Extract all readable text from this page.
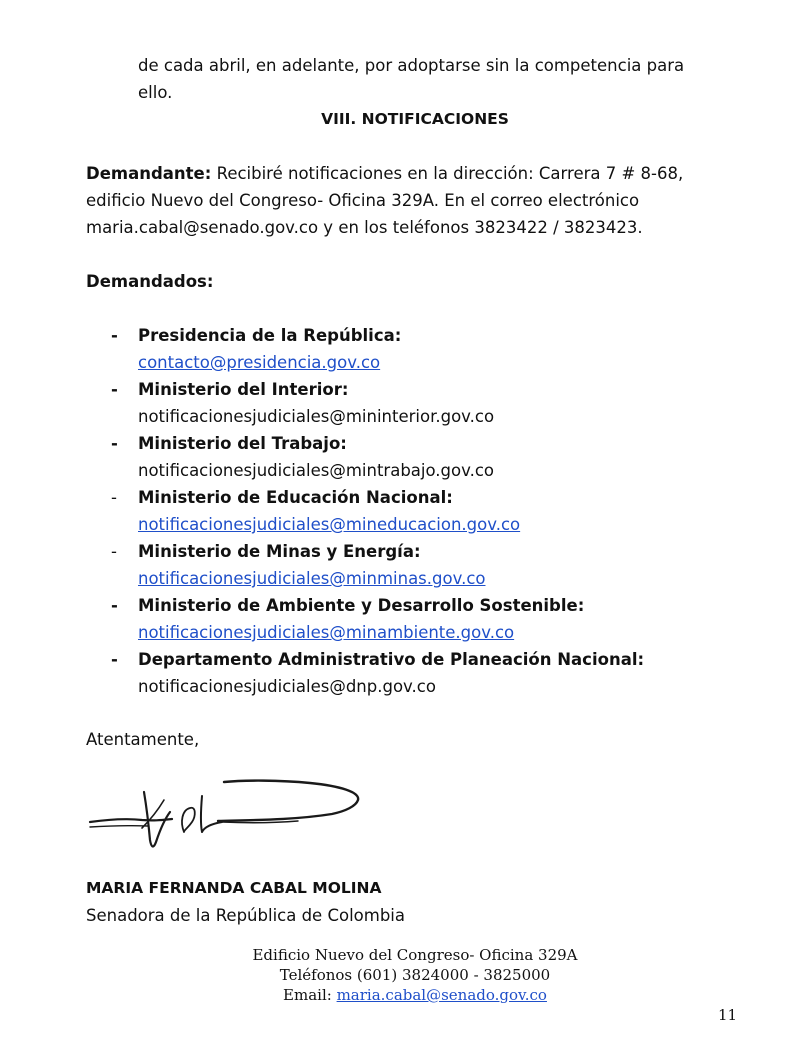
de cada abril, en adelante, por adoptarse sin la competencia para
ello.
VIII. NOTIFICACIONES
Demandante: Recibiré notificaciones en la dirección: Carrera 7 # 8-68,
edificio Nuevo del Congreso- Oficina 329A. En el correo electrónico
maria.cabal@senado.gov.co y en los teléfonos 3823422 / 3823423.
Demandados:
- Presidencia de la República:
contacto@presidencia.gov.co
- Ministerio del Interior:
notificacionesjudiciales@mininterior.gov.co
- Ministerio del Trabajo:
notificacionesjudiciales@mintrabajo.gov.co
- Ministerio de Educación Nacional:
notificacionesjudiciales@mineducacion.gov.co
- Ministerio de Minas y Energía:
notificacionesjudiciales@minminas.gov.co
- Ministerio de Ambiente y Desarrollo Sostenible:
notificacionesjudiciales@minambiente.gov.co
- Departamento Administrativo de Planeación Nacional:
notificacionesjudiciales@dnp.gov.co
Atentamente,
MARIA FERNANDA CABAL MOLINA
Senadora de la República de Colombia
Edificio Nuevo del Congreso- Oficina 329A
Teléfonos (601) 3824000 - 3825000
Email: maria.cabal@senado.gov.co
11
